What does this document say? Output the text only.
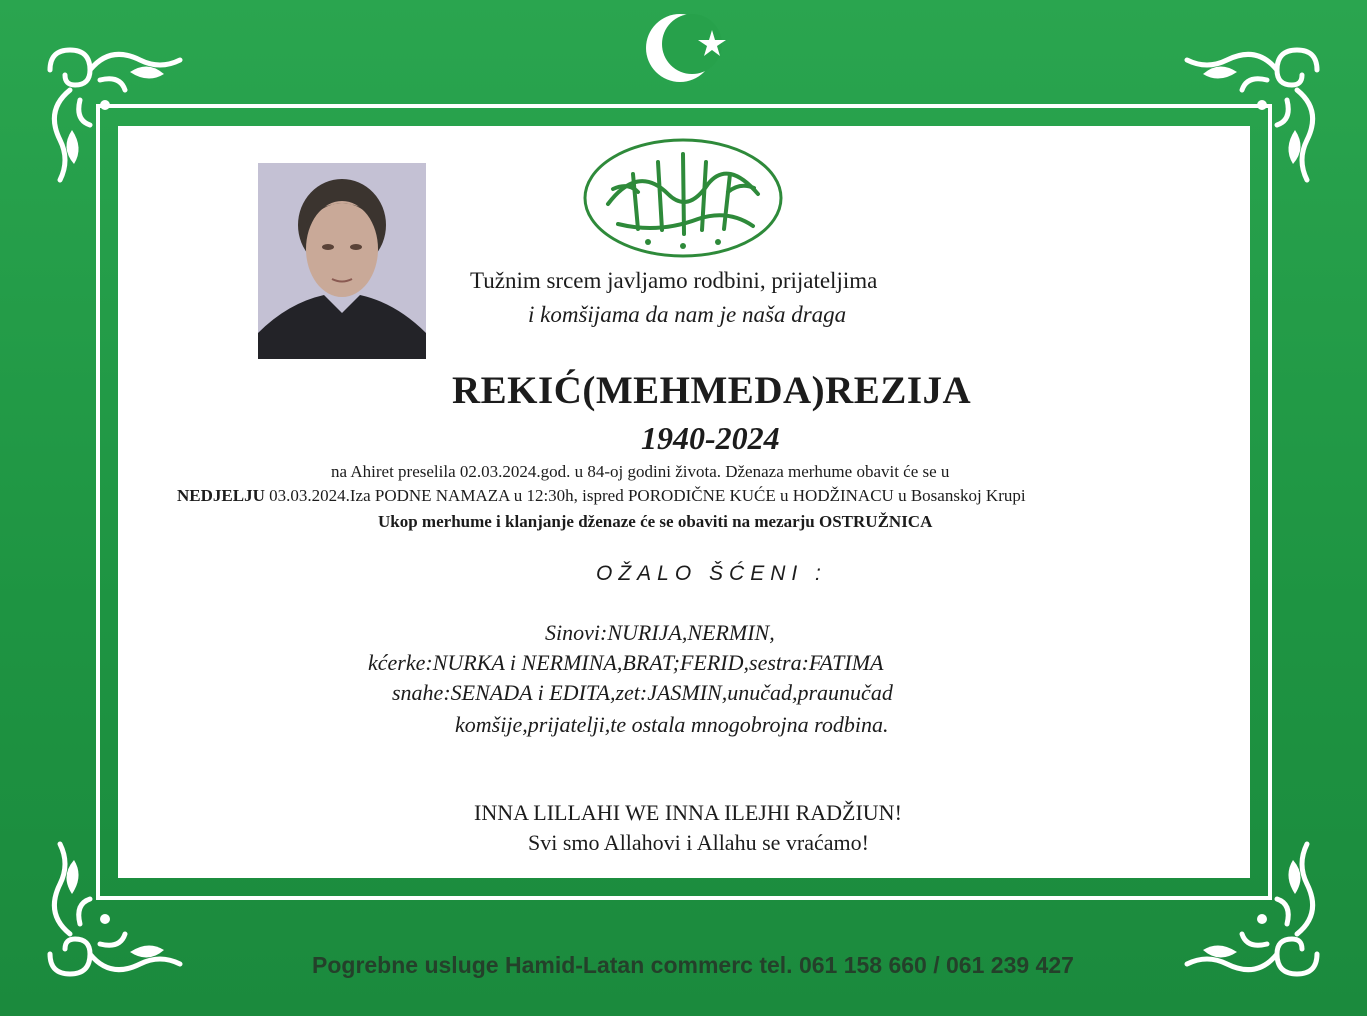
Tužnim srcem javljamo rodbini, prijateljima
i komšijama da nam je naša draga
REKIĆ(MEHMEDA)REZIJA
1940-2024
na Ahiret preselila 02.03.2024.god. u 84-oj godini života. Dženaza merhume obavit će se u
NEDJELJU 03.03.2024.Iza PODNE NAMAZA u 12:30h, ispred PORODIČNE KUĆE u HODŽINACU u Bosanskoj Krupi
Ukop merhume i klanjanje dženaze će se obaviti na mezarju OSTRUŽNICA
OŽALO ŠĆENI :
Sinovi:NURIJA,NERMIN,
kćerke:NURKA i NERMINA,BRAT;FERID,sestra:FATIMA
snahe:SENADA i EDITA,zet:JASMIN,unučad,praunučad
komšije,prijatelji,te ostala mnogobrojna rodbina.
INNA LILLAHI WE INNA ILEJHI RADŽIUN!
Svi smo Allahovi i Allahu se vraćamo!
Pogrebne usluge Hamid-Latan commerc tel. 061 158 660 / 061 239 427
